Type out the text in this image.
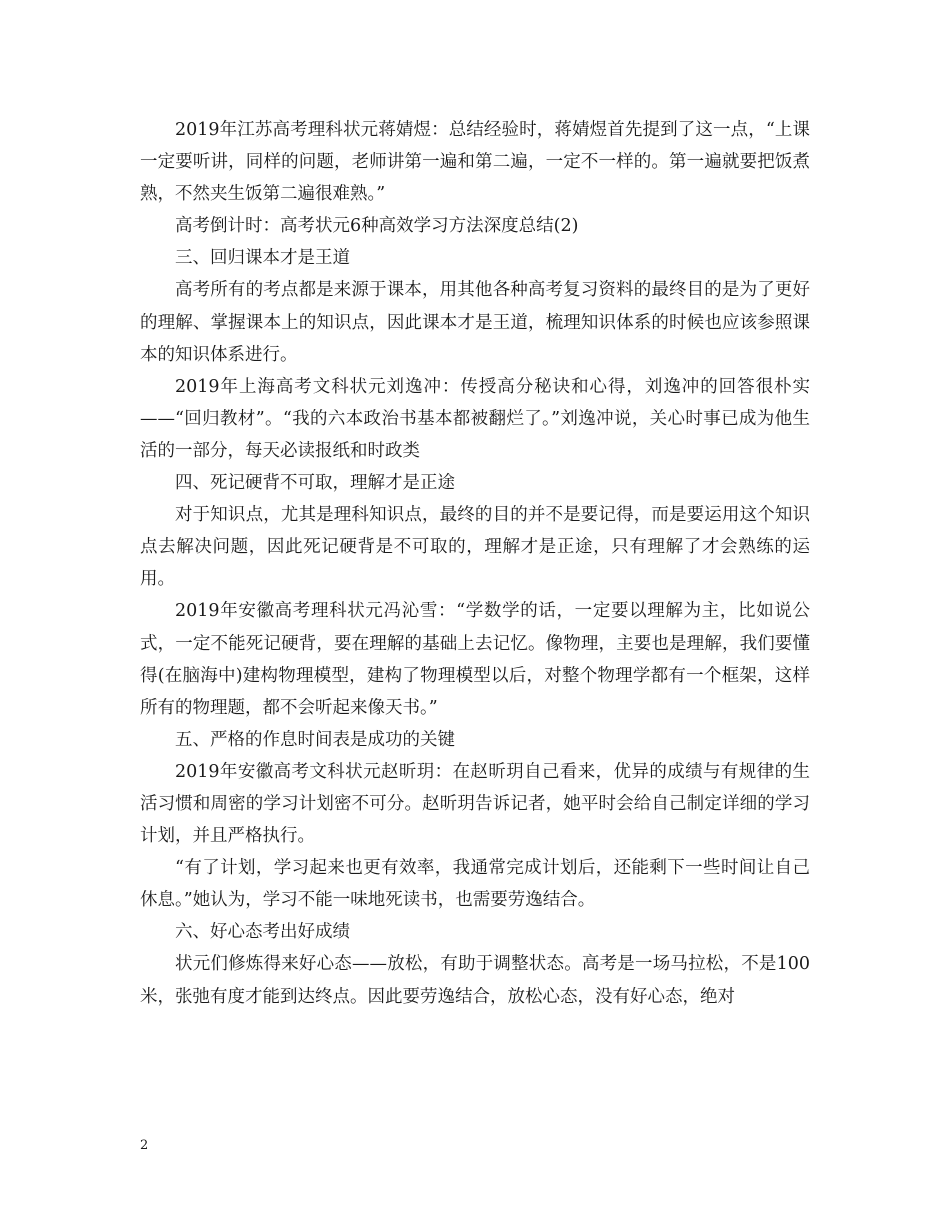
2019年江苏高考理科状元蒋婧煜：总结经验时，蒋婧煜首先提到了这一点，“上课一定要听讲，同样的问题，老师讲第一遍和第二遍，一定不一样的。第一遍就要把饭煮熟，不然夹生饭第二遍很难熟。”

高考倒计时：高考状元6种高效学习方法深度总结(2)

三、回归课本才是王道

高考所有的考点都是来源于课本，用其他各种高考复习资料的最终目的是为了更好的理解、掌握课本上的知识点，因此课本才是王道，梳理知识体系的时候也应该参照课本的知识体系进行。

2019年上海高考文科状元刘逸冲：传授高分秘诀和心得，刘逸冲的回答很朴实——“回归教材”。“我的六本政治书基本都被翻烂了。”刘逸冲说，关心时事已成为他生活的一部分，每天必读报纸和时政类

四、死记硬背不可取，理解才是正途

对于知识点，尤其是理科知识点，最终的目的并不是要记得，而是要运用这个知识点去解决问题，因此死记硬背是不可取的，理解才是正途，只有理解了才会熟练的运用。

2019年安徽高考理科状元冯沁雪：“学数学的话，一定要以理解为主，比如说公式，一定不能死记硬背，要在理解的基础上去记忆。像物理，主要也是理解，我们要懂得(在脑海中)建构物理模型，建构了物理模型以后，对整个物理学都有一个框架，这样所有的物理题，都不会听起来像天书。”

五、严格的作息时间表是成功的关键

2019年安徽高考文科状元赵昕玥：在赵昕玥自己看来，优异的成绩与有规律的生活习惯和周密的学习计划密不可分。赵昕玥告诉记者，她平时会给自己制定详细的学习计划，并且严格执行。

“有了计划，学习起来也更有效率，我通常完成计划后，还能剩下一些时间让自己休息。”她认为，学习不能一味地死读书，也需要劳逸结合。

六、好心态考出好成绩

状元们修炼得来好心态——放松，有助于调整状态。高考是一场马拉松，不是100米，张弛有度才能到达终点。因此要劳逸结合，放松心态，没有好心态，绝对

2
